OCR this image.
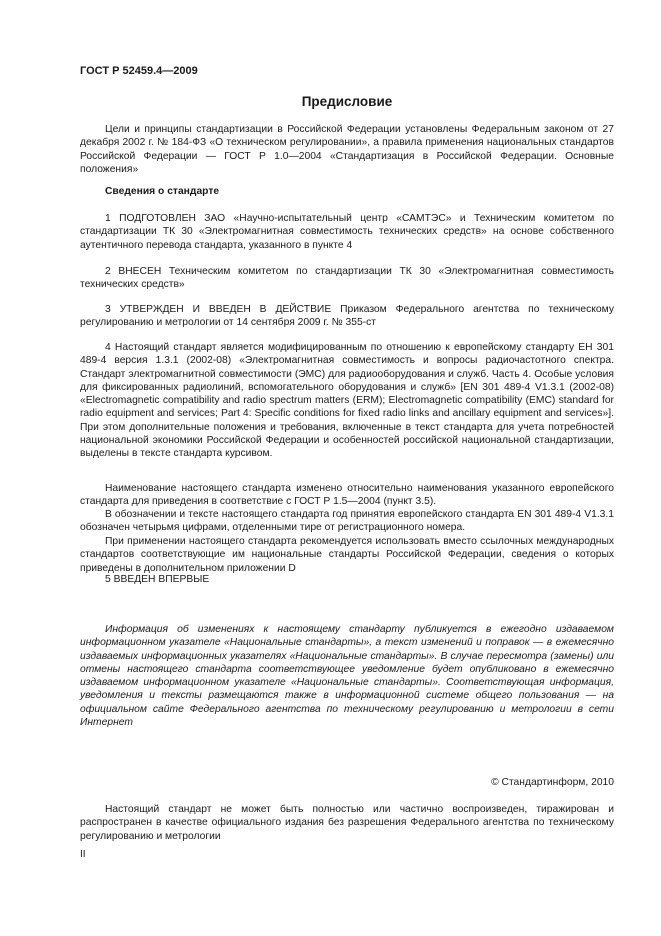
ГОСТ Р 52459.4—2009
Предисловие

Цели и принципы стандартизации в Российской Федерации установлены Федеральным законом от 27 декабря 2002 г. № 184-ФЗ «О техническом регулировании», а правила применения национальных стандартов Российской Федерации — ГОСТ Р 1.0—2004 «Стандартизация в Российской Федерации. Основные положения»

Сведения о стандарте

1 ПОДГОТОВЛЕН ЗАО «Научно-испытательный центр «САМТЭС» и Техническим комитетом по стандартизации ТК 30 «Электромагнитная совместимость технических средств» на основе собственного аутентичного перевода стандарта, указанного в пункте 4

2 ВНЕСЕН Техническим комитетом по стандартизации ТК 30 «Электромагнитная совместимость технических средств»

3 УТВЕРЖДЕН И ВВЕДЕН В ДЕЙСТВИЕ Приказом Федерального агентства по техническому регулированию и метрологии от 14 сентября 2009 г. № 355-ст

4 Настоящий стандарт является модифицированным по отношению к европейскому стандарту ЕН 301 489-4 версия 1.3.1 (2002-08) «Электромагнитная совместимость и вопросы радиочастотного спектра. Стандарт электромагнитной совместимости (ЭМС) для радиооборудования и служб. Часть 4. Особые условия для фиксированных радиолиний, вспомогательного оборудования и служб» [EN 301 489-4 V1.3.1 (2002-08) «Electromagnetic compatibility and radio spectrum matters (ERM); Electromagnetic compatibility (EMC) standard for radio equipment and services; Part 4: Specific conditions for fixed radio links and ancillary equipment and services»]. При этом дополнительные положения и требования, включенные в текст стандарта для учета потребностей национальной экономики Российской Федерации и особенностей российской национальной стандартизации, выделены в тексте стандарта курсивом.

Наименование настоящего стандарта изменено относительно наименования указанного европейского стандарта для приведения в соответствие с ГОСТ Р 1.5—2004 (пункт 3.5).

В обозначении и тексте настоящего стандарта год принятия европейского стандарта EN 301 489-4 V1.3.1 обозначен четырьмя цифрами, отделенными тире от регистрационного номера.

При применении настоящего стандарта рекомендуется использовать вместо ссылочных международных стандартов соответствующие им национальные стандарты Российской Федерации, сведения о которых приведены в дополнительном приложении D

5 ВВЕДЕН ВПЕРВЫЕ

Информация об изменениях к настоящему стандарту публикуется в ежегодно издаваемом информационном указателе «Национальные стандарты», а текст изменений и поправок — в ежемесячно издаваемых информационных указателях «Национальные стандарты». В случае пересмотра (замены) или отмены настоящего стандарта соответствующее уведомление будет опубликовано в ежемесячно издаваемом информационном указателе «Национальные стандарты». Соответствующая информация, уведомления и тексты размещаются также в информационной системе общего пользования — на официальном сайте Федерального агентства по техническому регулированию и метрологии в сети Интернет

© Стандартинформ, 2010

Настоящий стандарт не может быть полностью или частично воспроизведен, тиражирован и распространен в качестве официального издания без разрешения Федерального агентства по техническому регулированию и метрологии

II
